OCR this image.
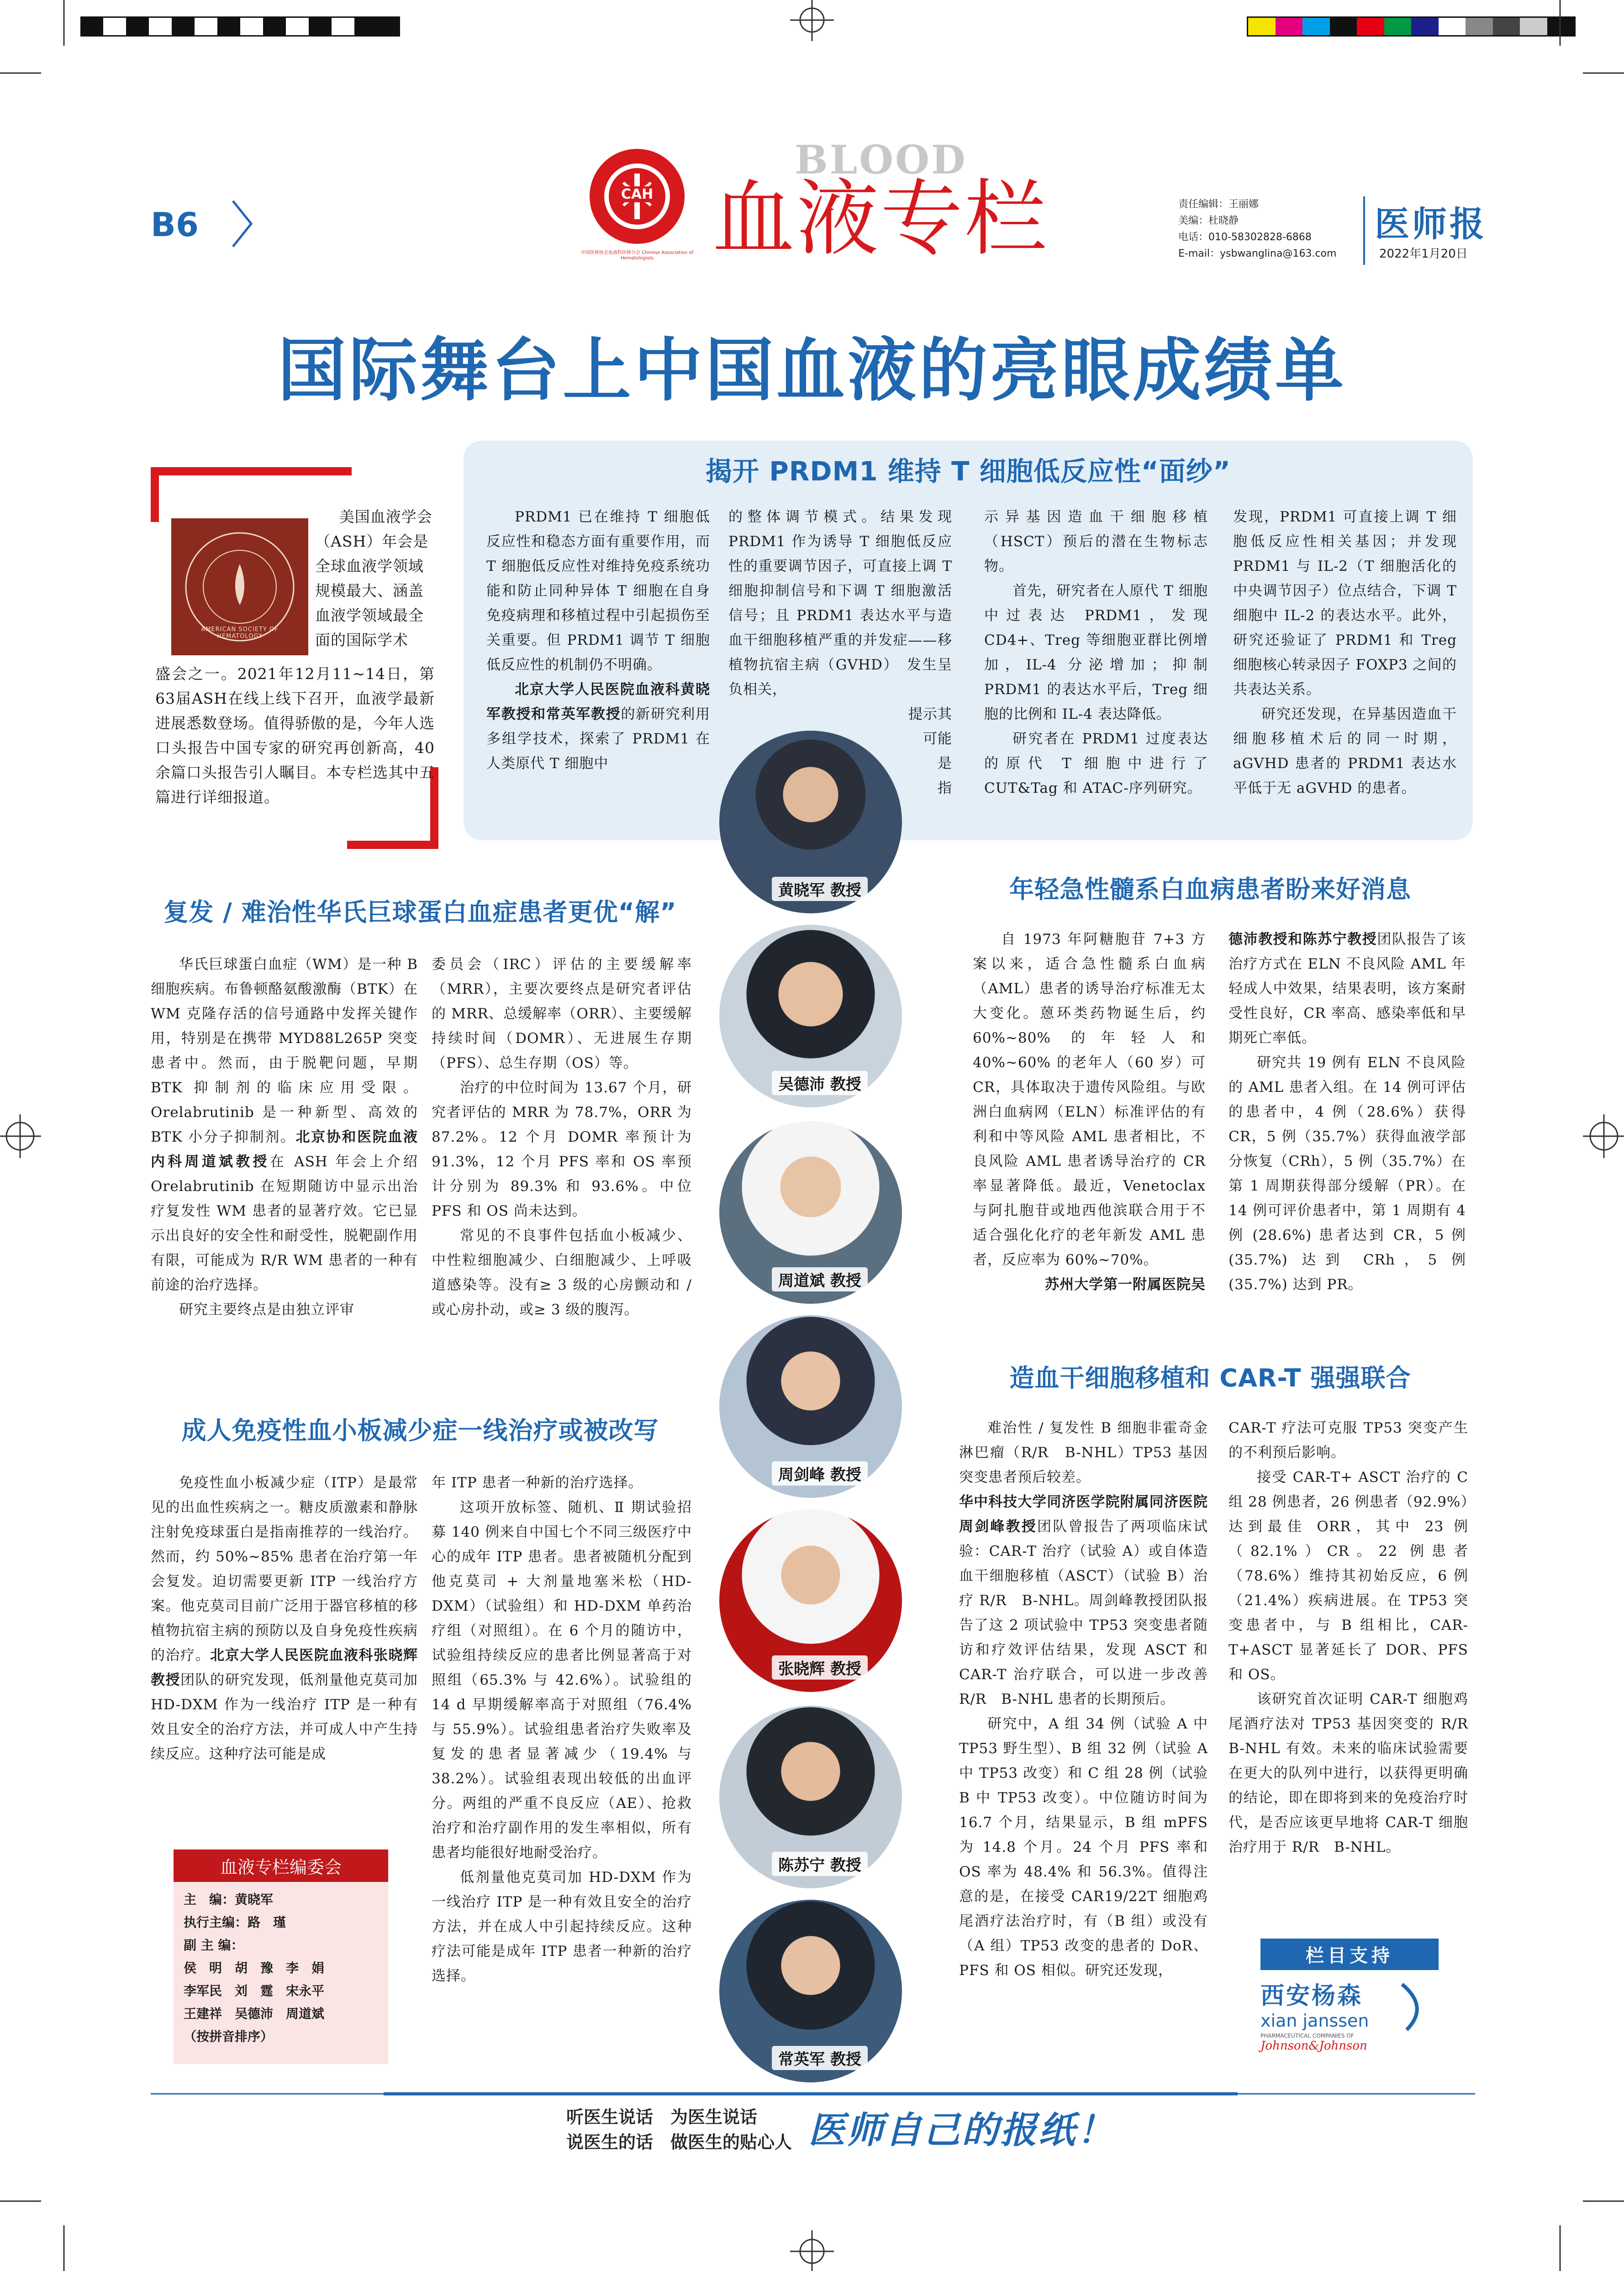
B6
CAH
中国医师协会血液科医师分会 Chinese Association of Hematologists
BLOOD
血液专栏	责任编辑：王丽娜
美编：杜晓静
电话：010-58302828-6868
E-mail：ysbwanglina@163.com
医师报
2022年1月20日
国际舞台上中国血液的亮眼成绩单
AMERICAN SOCIETY OF HEMATOLOGY
美国血液学会（ASH）年会是全球血液学领域规模最大、涵盖血液学领域最全面的国际学术
盛会之一。2021年12月11~14日，第63届ASH在线上线下召开，血液学最新进展悉数登场。值得骄傲的是，今年人选口头报告中国专家的研究再创新高，40余篇口头报告引人瞩目。本专栏选其中五篇进行详细报道。
揭开 PRDM1 维持 T 细胞低反应性“面纱”

PRDM1 已在维持 T 细胞低反应性和稳态方面有重要作用，而 T 细胞低反应性对维持免疫系统功能和防止同种异体 T 细胞在自身免疫病理和移植过程中引起损伤至关重要。但 PRDM1 调节 T 细胞低反应性的机制仍不明确。

北京大学人民医院血液科黄晓军教授和常英军教授的新研究利用多组学技术，探索了 PRDM1 在人类原代 T 细胞中

的整体调节模式。结果发现 PRDM1 作为诱导 T 细胞低反应性的重要调节因子，可直接上调 T 细胞抑制信号和下调 T 细胞激活信号；且 PRDM1 表达水平与造血干细胞移植严重的并发症——移植物抗宿主病（GVHD）　发生呈负相关，

提示其

可能

是

指

示异基因造血干细胞移植（HSCT）预后的潜在生物标志物。

首先，研究者在人原代 T 细胞中过表达 PRDM1，发现 CD4+、Treg 等细胞亚群比例增加，IL-4 分泌增加；抑制 PRDM1 的表达水平后，Treg 细胞的比例和 IL-4 表达降低。

研究者在 PRDM1 过度表达的原代 T 细胞中进行了 CUT&Tag 和 ATAC-序列研究。

发现，PRDM1 可直接上调 T 细胞低反应性相关基因；并发现 PRDM1 与 IL-2（T 细胞活化的中央调节因子）位点结合，下调 T 细胞中 IL-2 的表达水平。此外，研究还验证了 PRDM1 和 Treg 细胞核心转录因子 FOXP3 之间的共表达关系。

研究还发现，在异基因造血干细胞移植术后的同一时期，aGVHD 患者的 PRDM1 表达水平低于无 aGVHD 的患者。

黄晓军 教授
吴德沛 教授
周道斌 教授
周剑峰 教授
张晓辉 教授
陈苏宁 教授
常英军 教授
复发 / 难治性华氏巨球蛋白血症患者更优“解”

华氏巨球蛋白血症（WM）是一种 B 细胞疾病。布鲁顿酪氨酸激酶（BTK）在 WM 克隆存活的信号通路中发挥关键作用，特别是在携带 MYD88L265P 突变患者中。然而，由于脱靶问题，早期 BTK 抑制剂的临床应用受限。Orelabrutinib 是一种新型、高效的 BTK 小分子抑制剂。北京协和医院血液内科周道斌教授在 ASH 年会上介绍 Orelabrutinib 在短期随访中显示出治疗复发性 WM 患者的显著疗效。它已显示出良好的安全性和耐受性，脱靶副作用有限，可能成为 R/R WM 患者的一种有前途的治疗选择。

研究主要终点是由独立评审

委员会（IRC）评估的主要缓解率（MRR），主要次要终点是研究者评估的 MRR、总缓解率（ORR）、主要缓解持续时间（DOMR）、无进展生存期（PFS）、总生存期（OS）等。

治疗的中位时间为 13.67 个月，研究者评估的 MRR 为 78.7%，ORR 为 87.2%。12 个月 DOMR 率预计为 91.3%，12 个月 PFS 率和 OS 率预计分别为 89.3% 和 93.6%。中位 PFS 和 OS 尚未达到。

常见的不良事件包括血小板减少、中性粒细胞减少、白细胞减少、上呼吸道感染等。没有≥ 3 级的心房颤动和 / 或心房扑动，或≥ 3 级的腹泻。

成人免疫性血小板减少症一线治疗或被改写

免疫性血小板减少症（ITP）是最常见的出血性疾病之一。糖皮质激素和静脉注射免疫球蛋白是指南推荐的一线治疗。然而，约 50%~85% 患者在治疗第一年会复发。迫切需要更新 ITP 一线治疗方案。他克莫司目前广泛用于器官移植的移植物抗宿主病的预防以及自身免疫性疾病的治疗。北京大学人民医院血液科张晓辉教授团队的研究发现，低剂量他克莫司加 HD-DXM 作为一线治疗 ITP 是一种有效且安全的治疗方法，并可成人中产生持续反应。这种疗法可能是成

年 ITP 患者一种新的治疗选择。

这项开放标签、随机、Ⅱ 期试验招募 140 例来自中国七个不同三级医疗中心的成年 ITP 患者。患者被随机分配到他克莫司 + 大剂量地塞米松（HD-DXM）（试验组）和 HD-DXM 单药治疗组（对照组）。在 6 个月的随访中，试验组持续反应的患者比例显著高于对照组（65.3% 与 42.6%）。试验组的 14 d 早期缓解率高于对照组（76.4% 与 55.9%）。试验组患者治疗失败率及复发的患者显著减少（19.4% 与 38.2%）。试验组表现出较低的出血评分。两组的严重不良反应（AE）、抢救治疗和治疗副作用的发生率相似，所有患者均能很好地耐受治疗。

低剂量他克莫司加 HD-DXM 作为一线治疗 ITP 是一种有效且安全的治疗方法，并在成人中引起持续反应。这种疗法可能是成年 ITP 患者一种新的治疗选择。

血液专栏编委会
主　编：黄晓军
执行主编：路　瑾
副 主 编：
侯　明　胡　豫　李　娟
李军民　刘　霆　宋永平
王建祥　吴德沛　周道斌
（按拼音排序）
年轻急性髓系白血病患者盼来好消息

自 1973 年阿糖胞苷 7+3 方案以来，适合急性髓系白血病（AML）患者的诱导治疗标准无太大变化。蒽环类药物诞生后，约 60%~80% 的年轻人和 40%~60% 的老年人（60 岁）可 CR，具体取决于遗传风险组。与欧洲白血病网（ELN）标准评估的有利和中等风险 AML 患者相比，不良风险 AML 患者诱导治疗的 CR 率显著降低。最近，Venetoclax 与阿扎胞苷或地西他滨联合用于不适合强化化疗的老年新发 AML 患者，反应率为 60%~70%。

苏州大学第一附属医院吴

德沛教授和陈苏宁教授团队报告了该治疗方式在 ELN 不良风险 AML 年轻成人中效果，结果表明，该方案耐受性良好，CR 率高、感染率低和早期死亡率低。

研究共 19 例有 ELN 不良风险的 AML 患者入组。在 14 例可评估的患者中，4 例（28.6%）获得 CR，5 例（35.7%）获得血液学部分恢复（CRh），5 例（35.7%）在第 1 周期获得部分缓解（PR）。在 14 例可评价患者中，第 1 周期有 4 例 (28.6%) 患者达到 CR，5 例 (35.7%) 达到 CRh，5 例 (35.7%) 达到 PR。

造血干细胞移植和 CAR-T 强强联合

难治性 / 复发性 B 细胞非霍奇金淋巴瘤（R/R　B-NHL）TP53 基因突变患者预后较差。

华中科技大学同济医学院附属同济医院周剑峰教授团队曾报告了两项临床试验：CAR-T 治疗（试验 A）或自体造血干细胞移植（ASCT）（试验 B）治疗 R/R　B-NHL。周剑峰教授团队报告了这 2 项试验中 TP53 突变患者随访和疗效评估结果，发现 ASCT 和 CAR-T 治疗联合，可以进一步改善 R/R　B-NHL 患者的长期预后。

研究中，A 组 34 例（试验 A 中 TP53 野生型）、B 组 32 例（试验 A 中 TP53 改变）和 C 组 28 例（试验 B 中 TP53 改变）。中位随访时间为 16.7 个月，结果显示，B 组 mPFS 为 14.8 个月。24 个月 PFS 率和 OS 率为 48.4% 和 56.3%。值得注意的是，在接受 CAR19/22T 细胞鸡尾酒疗法治疗时，有（B 组）或没有（A 组）TP53 改变的患者的 DoR、PFS 和 OS 相似。研究还发现，

CAR-T 疗法可克服 TP53 突变产生的不利预后影响。

接受 CAR-T+ ASCT 治疗的 C 组 28 例患者，26 例患者（92.9%）达到最佳 ORR，其中 23 例（82.1%）CR。22 例患者（78.6%）维持其初始反应，6 例（21.4%）疾病进展。在 TP53 突变患者中，与 B 组相比，CAR-T+ASCT 显著延长了 DOR、PFS 和 OS。

该研究首次证明 CAR-T 细胞鸡尾酒疗法对 TP53 基因突变的 R/R　B-NHL 有效。未来的临床试验需要在更大的队列中进行，以获得更明确的结论，即在即将到来的免疫治疗时代，是否应该更早地将 CAR-T 细胞治疗用于 R/R　B-NHL。

栏目支持
西安杨森
xian janssen
PHARMACEUTICAL COMPANIES OF
Johnson&Johnson
听医生说话　为医生说话
说医生的话　做医生的贴心人 医师自己的报纸！
